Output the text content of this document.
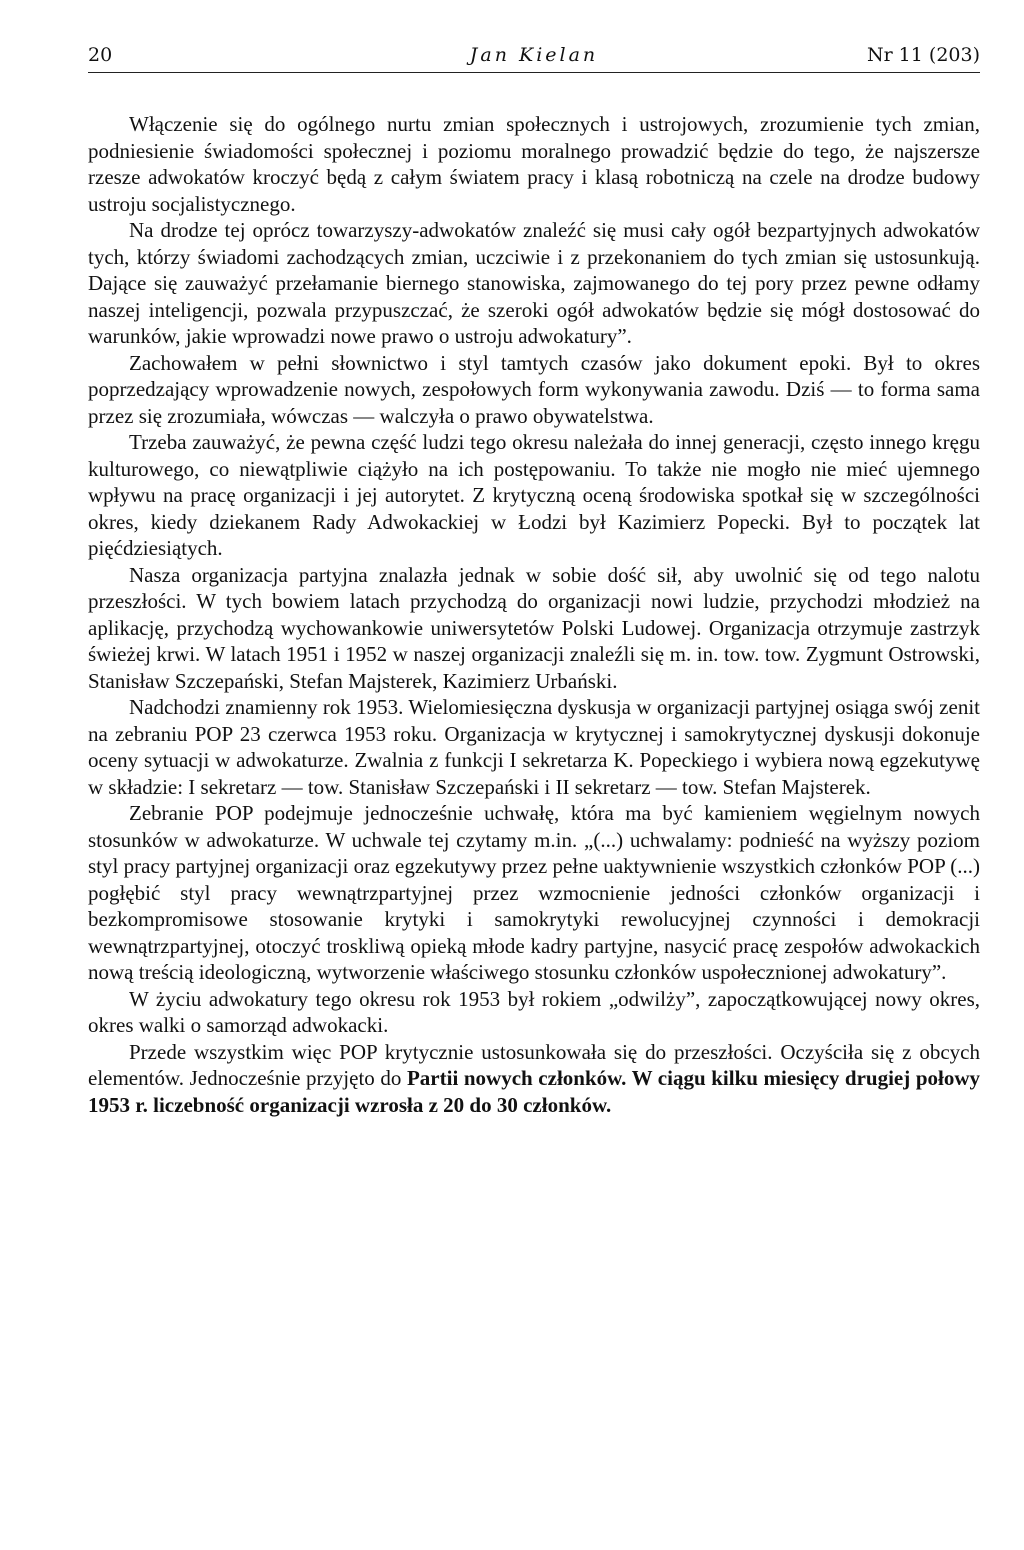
20	Jan Kielan	Nr 11 (203)

Włączenie się do ogólnego nurtu zmian społecznych i ustrojowych, zrozumienie tych zmian, podniesienie świadomości społecznej i poziomu moralnego prowadzić będzie do tego, że najszersze rzesze adwokatów kroczyć będą z całym światem pracy i klasą robotniczą na czele na drodze budowy ustroju socjalistycznego.

Na drodze tej oprócz towarzyszy-adwokatów znaleźć się musi cały ogół bezpartyjnych adwokatów tych, którzy świadomi zachodzących zmian, uczciwie i z przekonaniem do tych zmian się ustosunkują. Dające się zauważyć przełamanie biernego stanowiska, zajmowanego do tej pory przez pewne odłamy naszej inteligencji, pozwala przypuszczać, że szeroki ogół adwokatów będzie się mógł dostosować do warunków, jakie wprowadzi nowe prawo o ustroju adwokatury”.

Zachowałem w pełni słownictwo i styl tamtych czasów jako dokument epoki. Był to okres poprzedzający wprowadzenie nowych, zespołowych form wykonywania zawodu. Dziś — to forma sama przez się zrozumiała, wówczas — walczyła o prawo obywatelstwa.

Trzeba zauważyć, że pewna część ludzi tego okresu należała do innej generacji, często innego kręgu kulturowego, co niewątpliwie ciążyło na ich postępowaniu. To także nie mogło nie mieć ujemnego wpływu na pracę organizacji i jej autorytet. Z krytyczną oceną środowiska spotkał się w szczególności okres, kiedy dziekanem Rady Adwokackiej w Łodzi był Kazimierz Popecki. Był to początek lat pięćdziesiątych.

Nasza organizacja partyjna znalazła jednak w sobie dość sił, aby uwolnić się od tego nalotu przeszłości. W tych bowiem latach przychodzą do organizacji nowi ludzie, przychodzi młodzież na aplikację, przychodzą wychowankowie uniwersytetów Polski Ludowej. Organizacja otrzymuje zastrzyk świeżej krwi. W latach 1951 i 1952 w naszej organizacji znaleźli się m. in. tow. tow. Zygmunt Ostrowski, Stanisław Szczepański, Stefan Majsterek, Kazimierz Urbański.

Nadchodzi znamienny rok 1953. Wielomiesięczna dyskusja w organizacji partyjnej osiąga swój zenit na zebraniu POP 23 czerwca 1953 roku. Organizacja w krytycznej i samokrytycznej dyskusji dokonuje oceny sytuacji w adwokaturze. Zwalnia z funkcji I sekretarza K. Popeckiego i wybiera nową egzekutywę w składzie: I sekretarz — tow. Stanisław Szczepański i II sekretarz — tow. Stefan Majsterek.

Zebranie POP podejmuje jednocześnie uchwałę, która ma być kamieniem węgielnym nowych stosunków w adwokaturze. W uchwale tej czytamy m.in. „(...) uchwalamy: podnieść na wyższy poziom styl pracy partyjnej organizacji oraz egzekutywy przez pełne uaktywnienie wszystkich członków POP (...) pogłębić styl pracy wewnątrzpartyjnej przez wzmocnienie jedności członków organizacji i bezkompromisowe stosowanie krytyki i samokrytyki rewolucyjnej czynności i demokracji wewnątrzpartyjnej, otoczyć troskliwą opieką młode kadry partyjne, nasycić pracę zespołów adwokackich nową treścią ideologiczną, wytworzenie właściwego stosunku członków uspołecznionej adwokatury”.

W życiu adwokatury tego okresu rok 1953 był rokiem „odwilży”, zapoczątkowującej nowy okres, okres walki o samorząd adwokacki.

Przede wszystkim więc POP krytycznie ustosunkowała się do przeszłości. Oczyściła się z obcych elementów. Jednocześnie przyjęto do Partii nowych członków. W ciągu kilku miesięcy drugiej połowy 1953 r. liczebność organizacji wzrosła z 20 do 30 członków.
